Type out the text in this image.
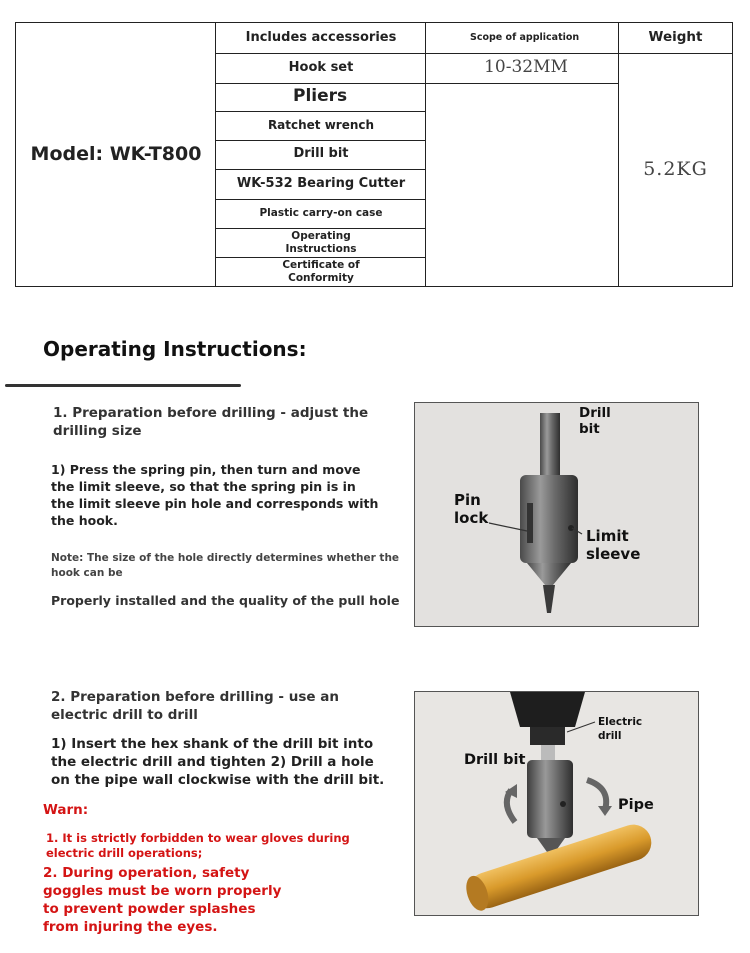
Model: WK-T800
Includes accessories
Hook set
Pliers
Ratchet wrench
Drill bit
WK-532 Bearing Cutter
Plastic carry-on case
Operating Instructions
Certificate of Conformity
Scope of application
10-32MM
Weight
5.2KG
Operating Instructions:
1. Preparation before drilling - adjust the drilling size
1) Press the spring pin, then turn and move the limit sleeve, so that the spring pin is in the limit sleeve pin hole and corresponds with the hook.
Note: The size of the hole directly determines whether the hook can be
Properly installed and the quality of the pull hole
Drill bit
Pin lock
Limit sleeve
2. Preparation before drilling - use an electric drill to drill
1) Insert the hex shank of the drill bit into the electric drill and tighten 2) Drill a hole on the pipe wall clockwise with the drill bit.
Warn:
1. It is strictly forbidden to wear gloves during electric drill operations;
2. During operation, safety goggles must be worn properly to prevent powder splashes from injuring the eyes.
Electric drill
Drill bit
Pipe
